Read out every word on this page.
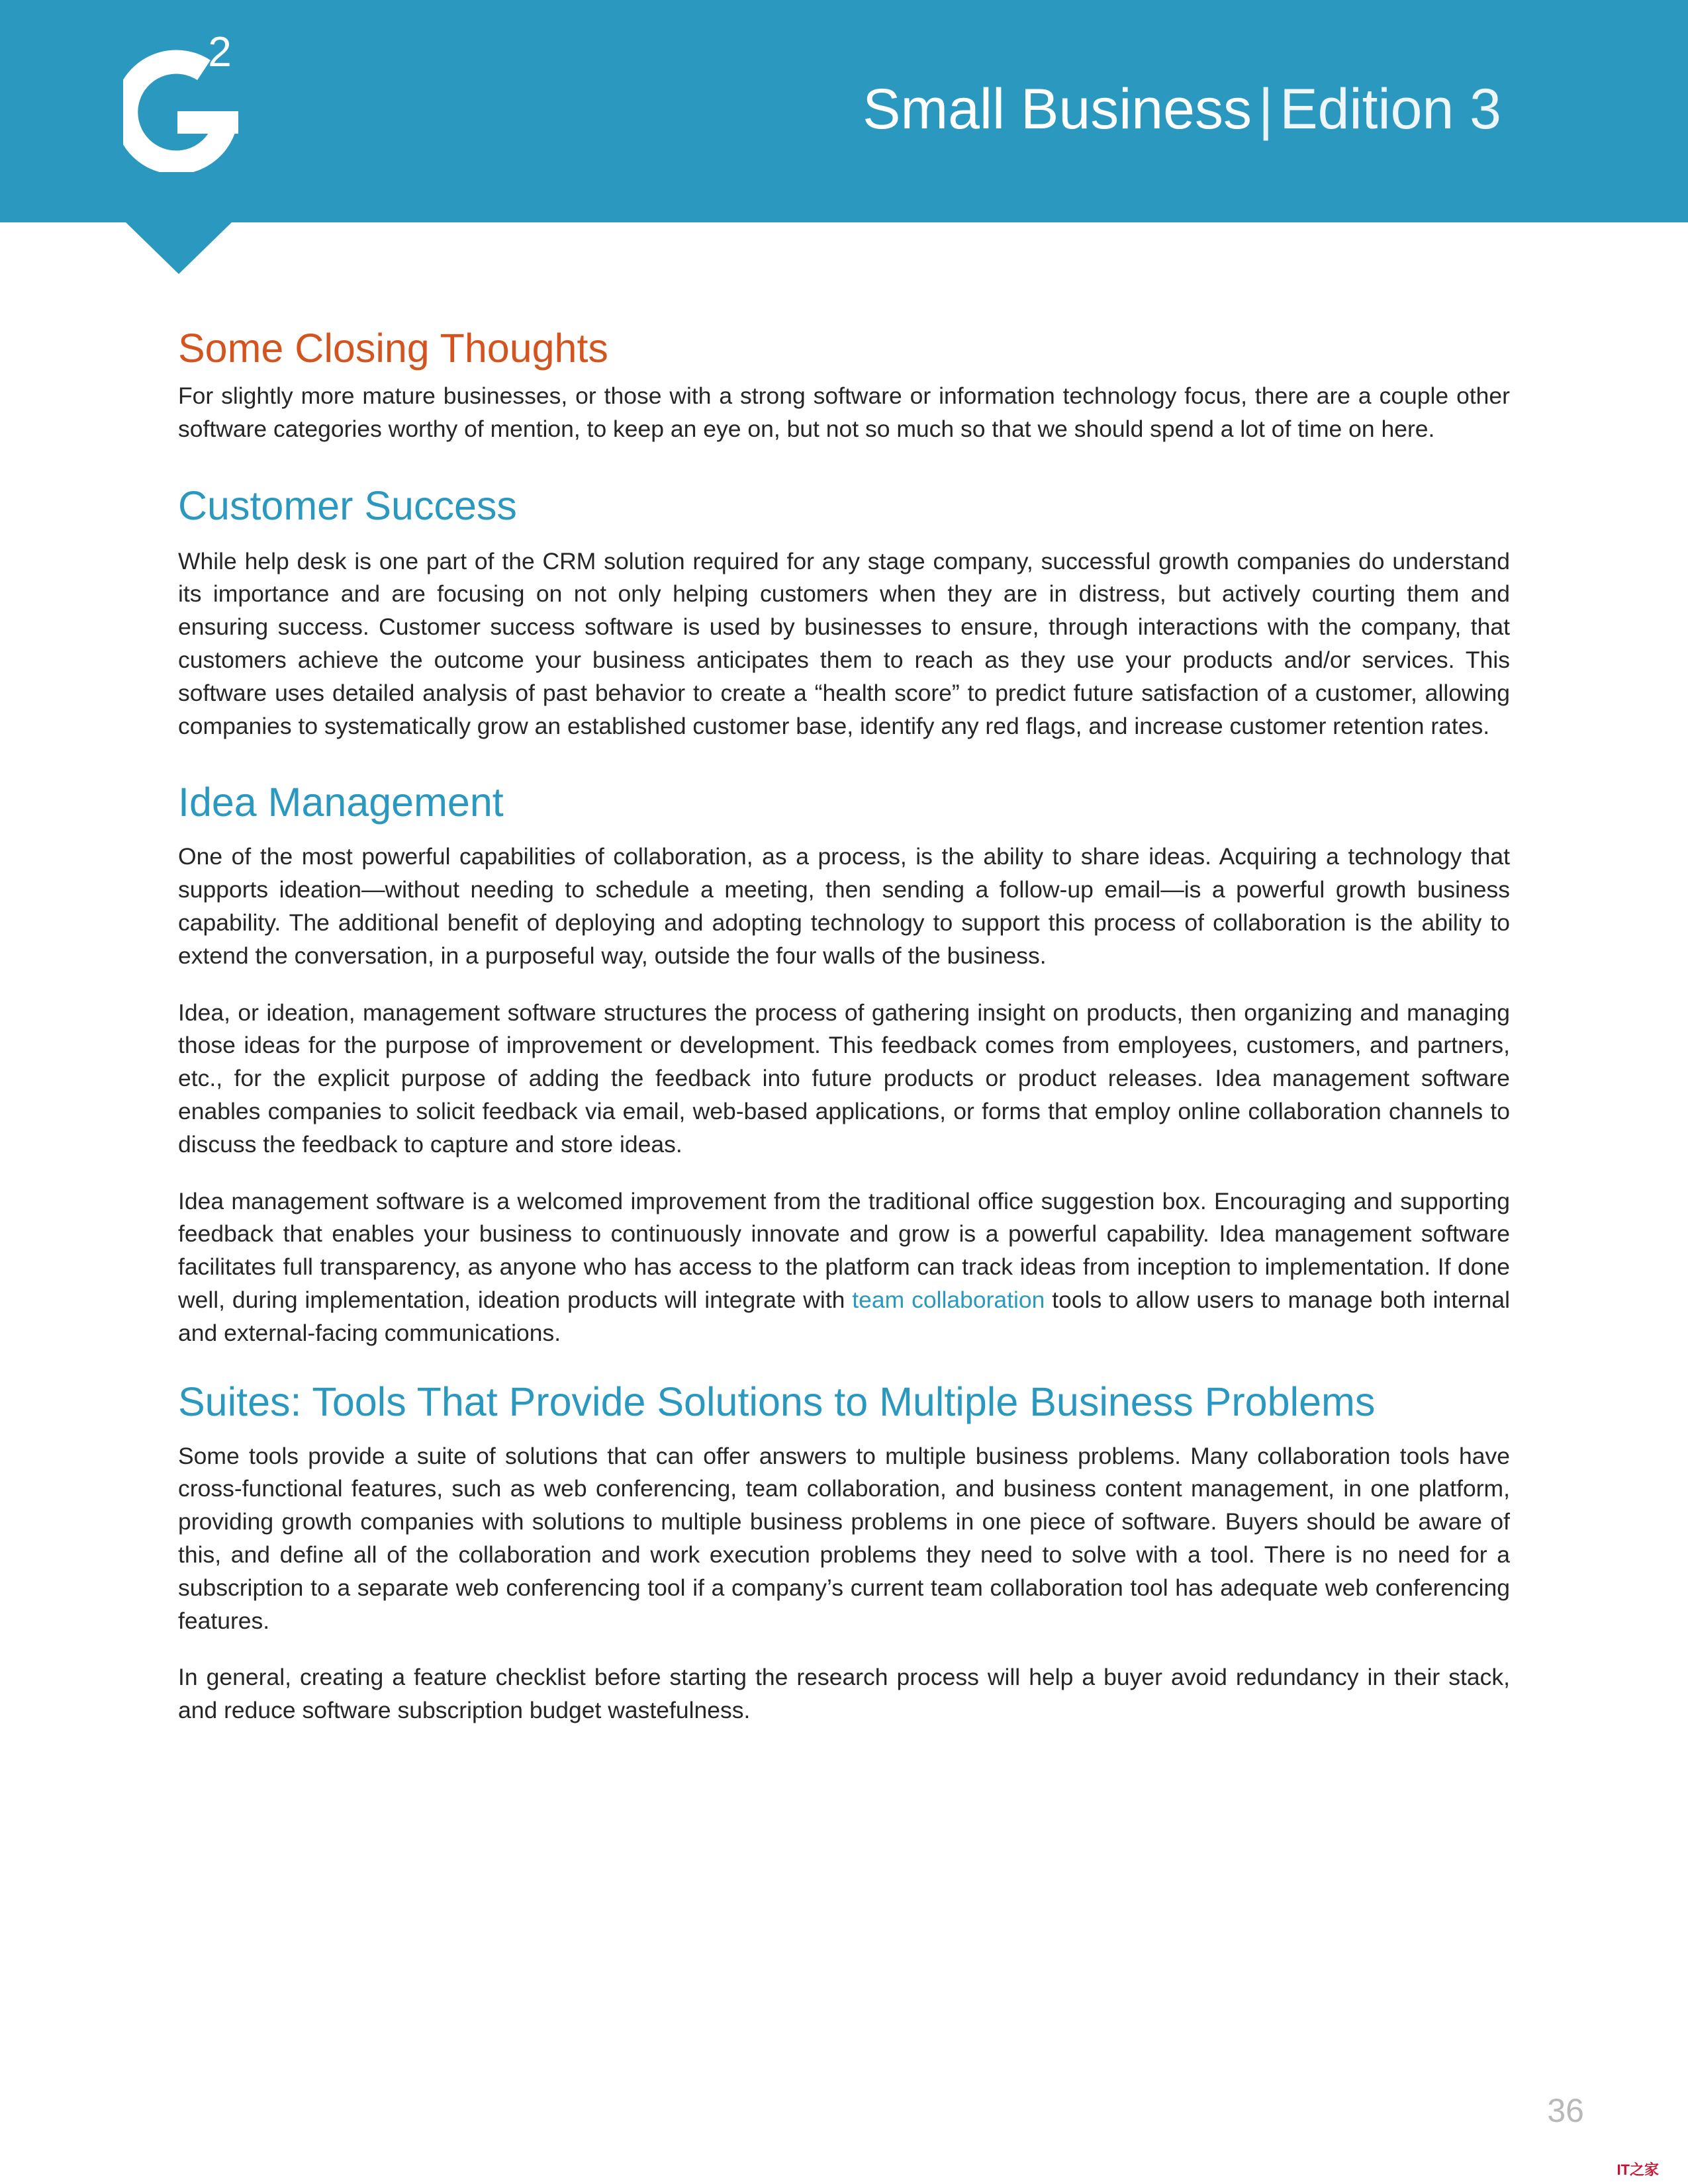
2
Small Business | Edition 3
Some Closing Thoughts

For slightly more mature businesses, or those with a strong software or information technology focus, there are a couple other software categories worthy of mention, to keep an eye on, but not so much so that we should spend a lot of time on here.

Customer Success

While help desk is one part of the CRM solution required for any stage company, successful growth companies do understand its importance and are focusing on not only helping customers when they are in distress, but actively courting them and ensuring success. Customer success software is used by businesses to ensure, through interactions with the company, that customers achieve the outcome your business anticipates them to reach as they use your products and/or services. This software uses detailed analysis of past behavior to create a “health score” to predict future satisfaction of a customer, allowing companies to systematically grow an established customer base, identify any red flags, and increase customer retention rates.

Idea Management

One of the most powerful capabilities of collaboration, as a process, is the ability to share ideas. Acquiring a technology that supports ideation—without needing to schedule a meeting, then sending a follow-up email—is a powerful growth business capability. The additional benefit of deploying and adopting technology to support this process of collaboration is the ability to extend the conversation, in a purposeful way, outside the four walls of the business.

Idea, or ideation, management software structures the process of gathering insight on products, then organizing and managing those ideas for the purpose of improvement or development. This feedback comes from employees, customers, and partners, etc., for the explicit purpose of adding the feedback into future products or product releases. Idea management software enables companies to solicit feedback via email, web-based applications, or forms that employ online collaboration channels to discuss the feedback to capture and store ideas.

Idea management software is a welcomed improvement from the traditional office suggestion box. Encouraging and supporting feedback that enables your business to continuously innovate and grow is a powerful capability. Idea management software facilitates full transparency, as anyone who has access to the platform can track ideas from inception to implementation. If done well, during implementation, ideation products will integrate with team collaboration tools to allow users to manage both internal and external-facing communications.

Suites: Tools That Provide Solutions to Multiple Business Problems

Some tools provide a suite of solutions that can offer answers to multiple business problems. Many collaboration tools have cross-functional features, such as web conferencing, team collaboration, and business content management, in one platform, providing growth companies with solutions to multiple business problems in one piece of software. Buyers should be aware of this, and define all of the collaboration and work execution problems they need to solve with a tool. There is no need for a subscription to a separate web conferencing tool if a company’s current team collaboration tool has adequate web conferencing features.

In general, creating a feature checklist before starting the research process will help a buyer avoid redundancy in their stack, and reduce software subscription budget wastefulness.

36
IT之家
